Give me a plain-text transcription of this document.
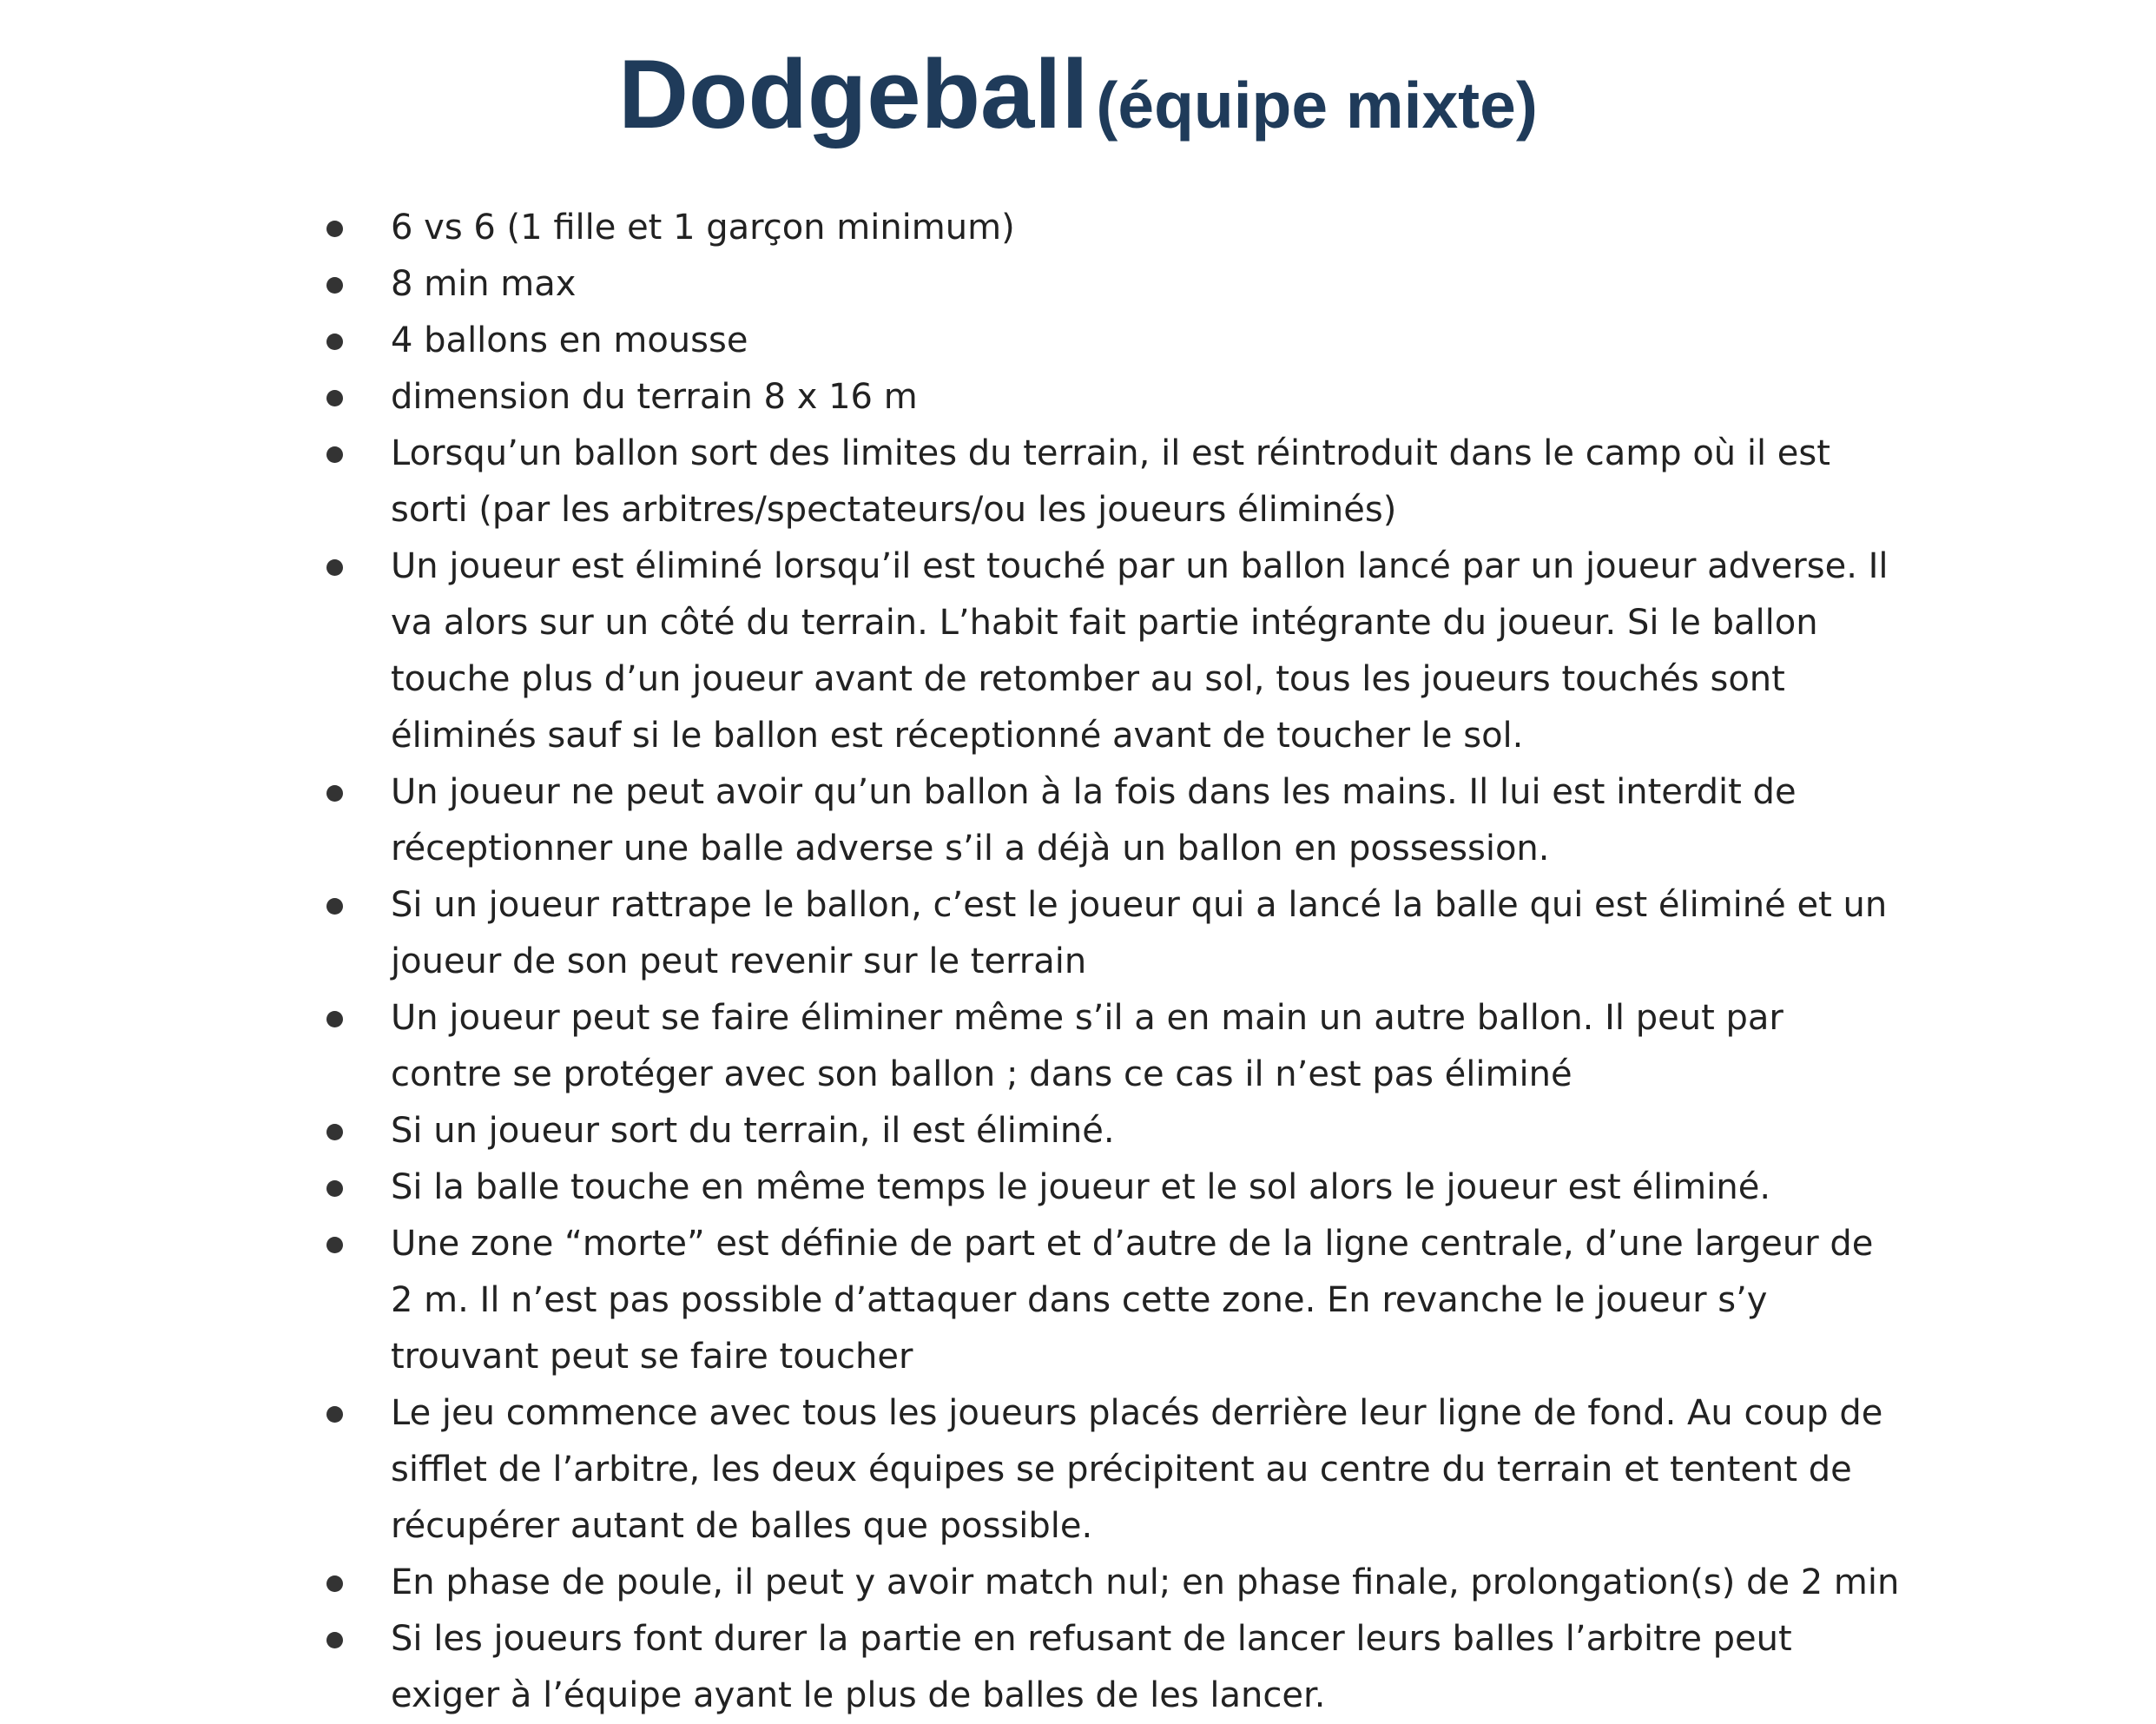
Dodgeball (équipe mixte)
6 vs 6 (1 fille et 1 garçon minimum)
8 min max
4 ballons en mousse
dimension du terrain 8 x 16 m
Lorsqu’un ballon sort des limites du terrain, il est réintroduit dans le camp où il est sorti (par les arbitres/spectateurs/ou les joueurs éliminés)
Un joueur est éliminé lorsqu’il est touché par un ballon lancé par un joueur adverse. Il va alors sur un côté du terrain. L’habit fait partie intégrante du joueur. Si le ballon touche plus d’un joueur avant de retomber au sol, tous les joueurs touchés sont éliminés sauf si le ballon est réceptionné avant de toucher le sol.
Un joueur ne peut avoir qu’un ballon à la fois dans les mains. Il lui est interdit de réceptionner une balle adverse s’il a déjà un ballon en possession.
Si un joueur rattrape le ballon, c’est le joueur qui a lancé la balle qui est éliminé et un joueur de son peut revenir sur le terrain
Un joueur peut se faire éliminer même s’il a en main un autre ballon. Il peut par contre se protéger avec son ballon ; dans ce cas il n’est pas éliminé
Si un joueur sort du terrain, il est éliminé.
Si la balle touche en même temps le joueur et le sol alors le joueur est éliminé.
Une zone “morte” est définie de part et d’autre de la ligne centrale, d’une largeur de 2 m. Il n’est pas possible d’attaquer dans cette zone. En revanche le joueur s’y trouvant peut se faire toucher
Le jeu commence avec tous les joueurs placés derrière leur ligne de fond. Au coup de sifflet de l’arbitre, les deux équipes se précipitent au centre du terrain et tentent de récupérer autant de balles que possible.
En phase de poule, il peut y avoir match nul; en phase finale, prolongation(s) de 2 min
Si les joueurs font durer la partie en refusant de lancer leurs balles l’arbitre peut exiger à l’équipe ayant le plus de balles de les lancer.
